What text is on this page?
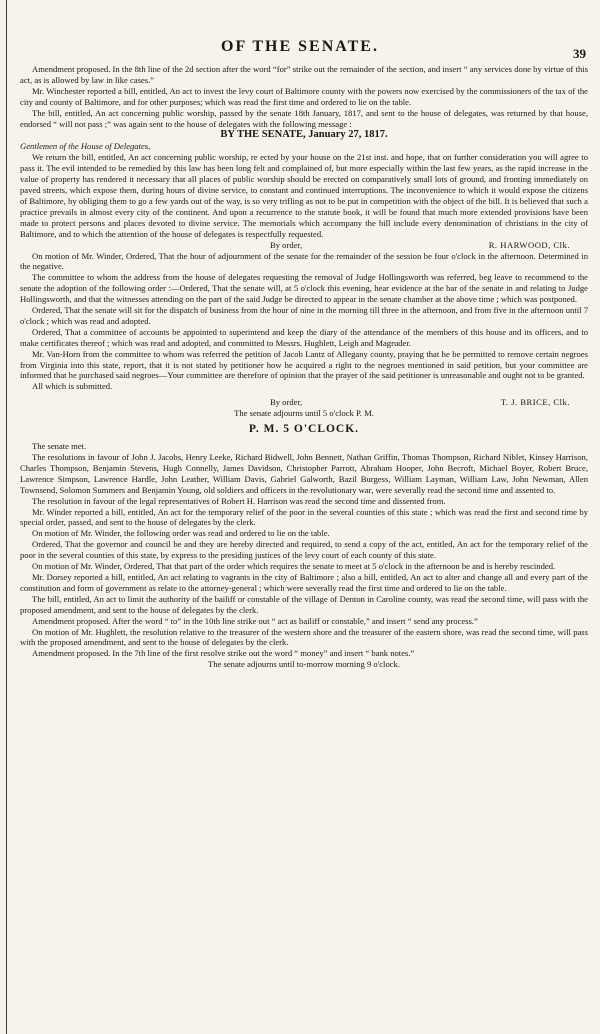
OF THE SENATE.	39

Amendment proposed. In the 8th line of the 2d section after the word “for” strike out the remainder of the section, and insert “ any services done by virtue of this act, as is allowed by law in like cases.”

Mr. Winchester reported a bill, entitled, An act to invest the levy court of Baltimore county with the powers now exercised by the commissioners of the tax of the city and county of Baltimore, and for other purposes; which was read the first time and ordered to lie on the table.

The bill, entitled, An act concerning public worship, passed by the senate 18th January, 1817, and sent to the house of delegates, was returned by that house, endorsed “ will not pass ;” was again sent to the house of delegates with the following message :

BY THE SENATE, January 27, 1817.

Gentlemen of the House of Delegates,

We return the bill, entitled, An act concerning public worship, re ected by your house on the 21st inst. and hope, that on further consideration you will agree to pass it. The evil intended to be remedied by this law has been long felt and complained of, but more especially within the last few years, as the rapid increase in the value of property has rendered it necessary that all places of public worship should be erected on comparatively small lots of ground, and fronting immediately on paved streets, which expose them, during hours of divine service, to constant and continued interruptions. The inconvenience to which it would expose the citizens of Baltimore, by obliging them to go a few yards out of the way, is so very trifling as not to be put in competition with the object of the bill. It is believed that such a practice prevails in almost every city of the continent. And upon a recurrence to the statute book, it will be found that much more extended provisions have been made to protect persons and places devoted to divine service. The memorials which accompany the bill include every denomination of christians in the city of Baltimore, and to which the attention of the house of delegates is respectfully requested.

By order,	R. HARWOOD, Clk.

On motion of Mr. Winder, Ordered, That the hour of adjournment of the senate for the remainder of the session be four o'clock in the afternoon. Determined in the negative.

The committee to whom the address from the house of delegates requesting the removal of Judge Hollingsworth was referred, beg leave to recommend to the senate the adoption of the following order :—Ordered, That the senate will, at 5 o'clock this evening, hear evidence at the bar of the senate in and relating to Judge Hollingsworth, and that the witnesses attending on the part of the said Judge be directed to appear in the senate chamber at the above time ; which was postponed.

Ordered, That the senate will sit for the dispatch of business from the hour of nine in the morning till three in the afternoon, and from five in the afternoon until 7 o'clock ; which was read and adopted.

Ordered, That a committee of accounts be appointed to superintend and keep the diary of the attendance of the members of this house and its officers, and to make certificates thereof ; which was read and adopted, and committed to Messrs. Hughlett, Leigh and Magruder.

Mr. Van-Horn from the committee to whom was referred the petition of Jacob Lantz of Allegany county, praying that he be permitted to remove certain negroes from Virginia into this state, report, that it is not stated by petitioner how he acquired a right to the negroes mentioned in said petition, but your committee are informed that he purchased said negroes—Your committee are therefore of opinion that the prayer of the said petitioner is unreasonable and ought not to be granted.

All which is submitted.

By order,	T. J. BRICE, Clk.

The senate adjourns until 5 o'clock P. M.

P. M. 5 O'CLOCK.

The senate met.

The resolutions in favour of John J. Jacobs, Henry Leeke, Richard Bidwell, John Bennett, Nathan Griffin, Thomas Thompson, Richard Niblet, Kinsey Harrison, Charles Thompson, Benjamin Stevens, Hugh Connelly, James Davidson, Christopher Parrott, Abraham Hooper, John Becroft, Michael Boyer, Robert Bruce, Lawrence Simpson, Lawrence Hardle, John Leather, William Davis, Gabriel Galworth, Bazil Burgess, William Layman, William Law, John Newman, Allen Townsend, Solomon Summers and Benjamin Young, old soldiers and officers in the revolutionary war, were severally read the second time and assented to.

The resolution in favour of the legal representatives of Robert H. Harrison was read the second time and dissented from.

Mr. Winder reported a bill, entitled, An act for the temporary relief of the poor in the several counties of this state ; which was read the first and second time by special order, passed, and sent to the house of delegates by the clerk.

On motion of Mr. Winder, the following order was read and ordered to lie on the table.

Ordered, That the governor and council be and they are hereby directed and required, to send a copy of the act, entitled, An act for the temporary relief of the poor in the several counties of this state, by express to the presiding justices of the levy court of each county of this state.

On motion of Mr. Winder, Ordered, That that part of the order which requires the senate to meet at 5 o'clock in the afternoon be and is hereby rescinded.

Mr. Dorsey reported a bill, entitled, An act relating to vagrants in the city of Baltimore ; also a bill, entitled, An act to alter and change all and every part of the constitution and form of government as relate to the attorney-general ; which were severally read the first time and ordered to lie on the table.

The bill, entitled, An act to limit the authority of the bailiff or constable of the village of Denton in Caroline county, was read the second time, will pass with the proposed amendment, and sent to the house of delegates by the clerk.

Amendment proposed. After the word “ to” in the 10th line strike out “ act as bailiff or constable,” and insert “ send any process.”

On motion of Mr. Hughlett, the resolution relative to the treasurer of the western shore and the treasurer of the eastern shore, was read the second time, will pass with the proposed amendment, and sent to the house of delegates by the clerk.

Amendment proposed. In the 7th line of the first resolve strike out the word “ money” and insert “ bank notes.”

The senate adjourns until to-morrow morning 9 o'clock.
